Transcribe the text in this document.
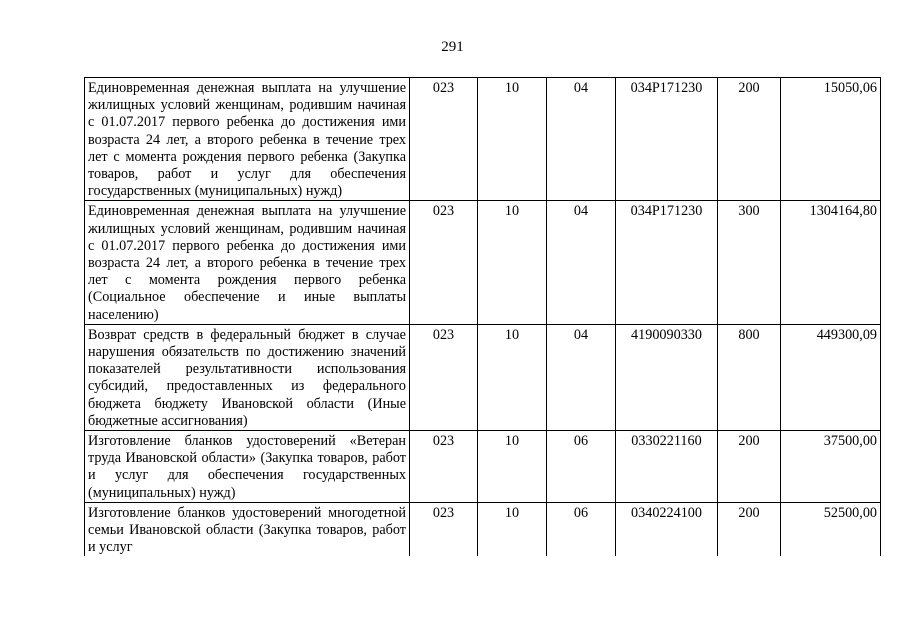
291
Единовременная денежная выплата на улучшение жилищных условий женщинам, родившим начиная с 01.07.2017 первого ребенка до достижения ими возраста 24 лет, а второго ребенка в течение трех лет с момента рождения первого ребенка (Закупка товаров, работ и услуг для обеспечения государственных (муниципальных) нужд)	023	10	04	034P171230	200	15050,06
Единовременная денежная выплата на улучшение жилищных условий женщинам, родившим начиная с 01.07.2017 первого ребенка до достижения ими возраста 24 лет, а второго ребенка в течение трех лет с момента рождения первого ребенка (Социальное обеспечение и иные выплаты населению)	023	10	04	034P171230	300	1304164,80
Возврат средств в федеральный бюджет в случае нарушения обязательств по достижению значений показателей результативности использования субсидий, предоставленных из федерального бюджета бюджету Ивановской области (Иные бюджетные ассигнования)	023	10	04	4190090330	800	449300,09
Изготовление бланков удостоверений «Ветеран труда Ивановской области» (Закупка товаров, работ и услуг для обеспечения государственных (муниципальных) нужд)	023	10	06	0330221160	200	37500,00
Изготовление бланков удостоверений многодетной семьи Ивановской области (Закупка товаров, работ и услуг	023	10	06	0340224100	200	52500,00
